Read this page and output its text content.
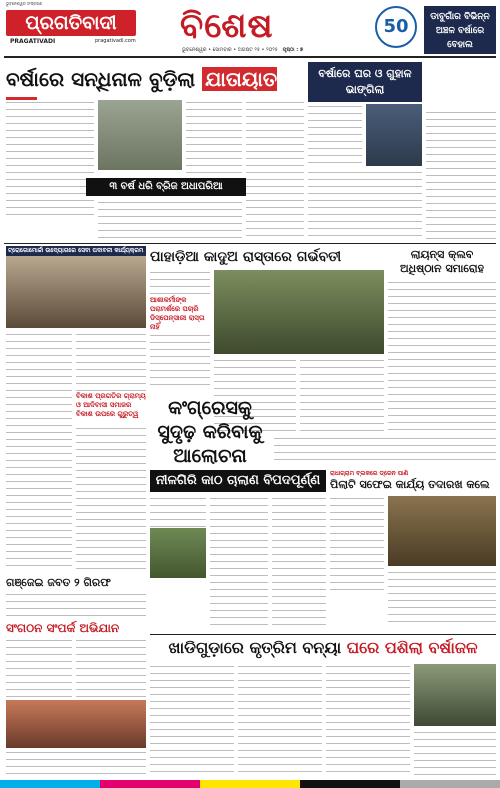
ଭୁବନେଶ୍ୱର ସଂସ୍କରଣ
ପ୍ରଗତିବାଦୀ
PRAGATIVADI	pragativadi.com ବିଶେଷ	50
ଭୁବନେଶ୍ୱର • ସୋମବାର • ଅଗଷ୍ଟ ୨୫ • ୨୦୨୫ ପୃଷ୍ଠା : ୭
ଡାବୁଗାଁର ବିଭିନ୍ନ ଅଞ୍ଚଳ ବର୍ଷାରେ ବେହାଲ
ବର୍ଷାରେ ସନ୍ଧିନାଳ ବୁଡ଼ିଲା ଯାତାୟାତ	ବର୍ଷାରେ ଘର ଓ ଗୁହାଳ ଭାଙ୍ଗିଲା
୩ ବର୍ଷ ଧରି ବ୍ରିଜ ଅଧାପରିଆ
ଟ୍ରୋଗୋମୋର୍ଚ୍ଚା ଉଦ୍ୟୋଗରେ ସେବା ପଦାବଳୀ କାର୍ଯ୍ୟକ୍ରମ
ବିକାଶ ପ୍ରଗତିର ଗ୍ରାମ୍ୟ ଓ ଆଦିବାସୀ ସମାଜର ବିକାଶ ଉପରେ ଗୁରୁତ୍ୱ
ପାହାଡ଼ିଆ କାଦୁଅ ରାସ୍ତାରେ ଗର୍ଭବତୀ
ଆଶାକର୍ମୀଙ୍କ ପରାମର୍ଶରେ ପଚାରି ଡିସ୍ପେନ୍ସାରୀ ରାସ୍ତା ନାହିଁ
ଲାୟନ୍ସ କ୍ଲବ ଅଧିଷ୍ଠାନ ସମାରୋହ
କଂଗ୍ରେସକୁ ସୁଦୃଢ଼ କରିବାକୁ ଆଲୋଚନା
ଗଞ୍ଜେଇ ଜବତ ୨ ଗିରଫ
ନୀଳଗିରି କାଠ ଚାଲାଣ ବିପଦପୂର୍ଣ୍ଣ	ରାଧାଗ୍ରାମ ବ୍ଲକରେ ଡ୍ରେନ ପାଣି
ପିଲାଟି ସଫେଇ କାର୍ଯ୍ୟ ତଦାରଖ କଲେ
ସଂଗଠନ ସଂପର୍କ ଅଭିଯାନ
ଖାଡିଗୁଡ଼ାରେ କୃତ୍ରିମ ବନ୍ୟା ଘରେ ପଶିଲା ବର୍ଷାଜଳ
